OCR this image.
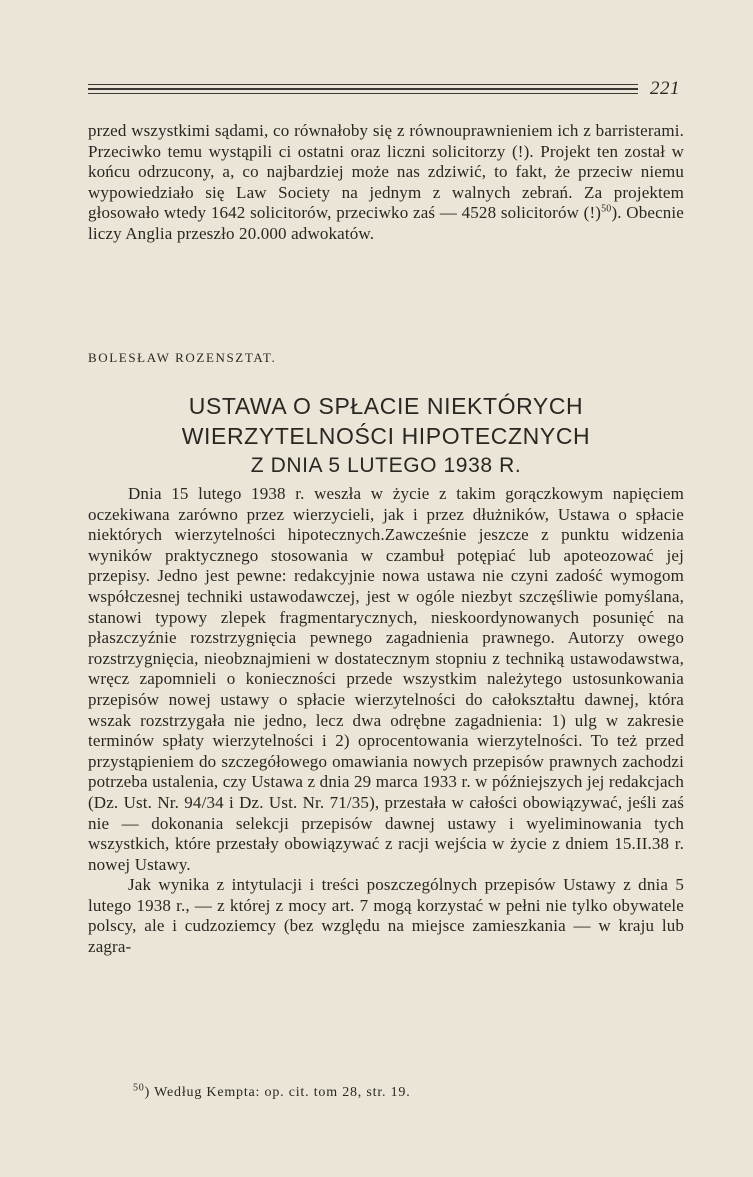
221

przed wszystkimi sądami, co równałoby się z równouprawnieniem ich z barristerami. Przeciwko temu wystąpili ci ostatni oraz liczni solicitorzy (!). Projekt ten został w końcu odrzucony, a, co najbardziej może nas zdziwić, to fakt, że przeciw niemu wypowiedziało się Law Society na jednym z walnych zebrań. Za projektem głosowało wtedy 1642 solicitorów, przeciwko zaś — 4528 solicitorów (!)$^{50}$). Obecnie liczy Anglia przeszło 20.000 adwokatów.

BOLESŁAW ROZENSZTAT.
USTAWA O SPŁACIE NIEKTÓRYCH
WIERZYTELNOŚCI HIPOTECZNYCH
Z DNIA 5 LUTEGO 1938 R.

Dnia 15 lutego 1938 r. weszła w życie z takim gorączkowym napięciem oczekiwana zarówno przez wierzycieli, jak i przez dłużników, Ustawa o spłacie niektórych wierzytelności hipotecznych.Zawcześnie jeszcze z punktu widzenia wyników praktycznego stosowania w czambuł potępiać lub apoteozować jej przepisy. Jedno jest pewne: redakcyjnie nowa ustawa nie czyni zadość wymogom współczesnej techniki ustawodawczej, jest w ogóle niezbyt szczęśliwie pomyślana, stanowi typowy zlepek fragmentarycznych, nieskoordynowanych posunięć na płaszczyźnie rozstrzygnięcia pewnego zagadnienia prawnego. Autorzy owego rozstrzygnięcia, nieobznajmieni w dostatecznym stopniu z techniką ustawodawstwa, wręcz zapomnieli o konieczności przede wszystkim należytego ustosunkowania przepisów nowej ustawy o spłacie wierzytelności do całokształtu dawnej, która wszak rozstrzygała nie jedno, lecz dwa odrębne zagadnienia: 1) ulg w zakresie terminów spłaty wierzytelności i 2) oprocentowania wierzytelności. To też przed przystąpieniem do szczegółowego omawiania nowych przepisów prawnych zachodzi potrzeba ustalenia, czy Ustawa z dnia 29 marca 1933 r. w późniejszych jej redakcjach (Dz. Ust. Nr. 94/34 i Dz. Ust. Nr. 71/35), przestała w całości obowiązywać, jeśli zaś nie — dokonania selekcji przepisów dawnej ustawy i wyeliminowania tych wszystkich, które przestały obowiązywać z racji wejścia w życie z dniem 15.II.38 r. nowej Ustawy.

Jak wynika z intytulacji i treści poszczególnych przepisów Ustawy z dnia 5 lutego 1938 r., — z której z mocy art. 7 mogą korzystać w pełni nie tylko obywatele polscy, ale i cudzoziemcy (bez względu na miejsce zamieszkania — w kraju lub zagra-

$^{50}$) Według Kempta: op. cit. tom 28, str. 19.
